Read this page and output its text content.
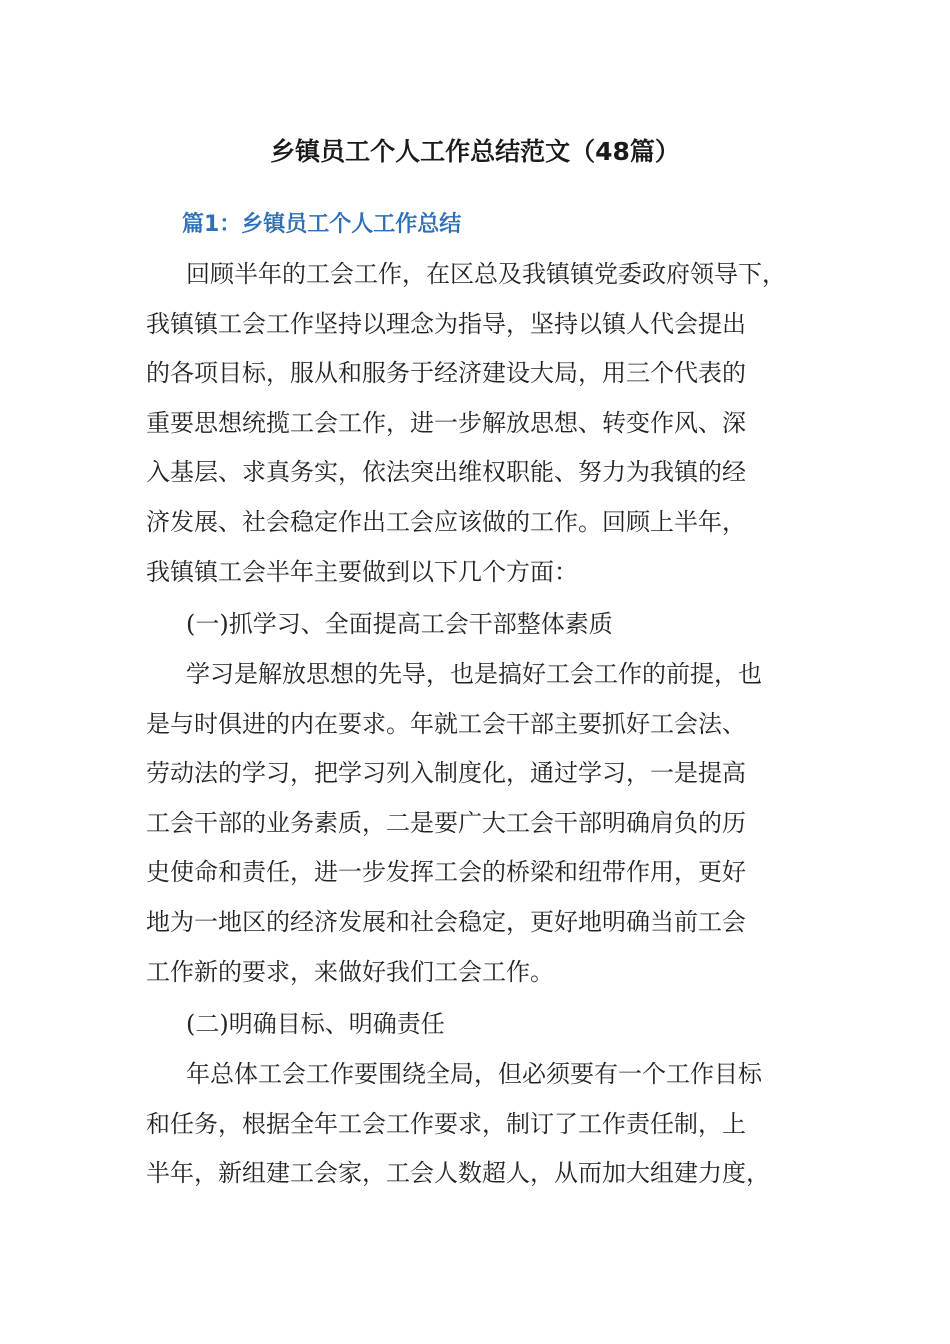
乡镇员工个人工作总结范文（48篇）
篇1：乡镇员工个人工作总结
回顾半年的工会工作，在区总及我镇镇党委政府领导下，
我镇镇工会工作坚持以理念为指导，坚持以镇人代会提出
的各项目标，服从和服务于经济建设大局，用三个代表的
重要思想统揽工会工作，进一步解放思想、转变作风、深
入基层、求真务实，依法突出维权职能、努力为我镇的经
济发展、社会稳定作出工会应该做的工作。回顾上半年，
我镇镇工会半年主要做到以下几个方面：
(一)抓学习、全面提高工会干部整体素质
学习是解放思想的先导，也是搞好工会工作的前提，也
是与时俱进的内在要求。年就工会干部主要抓好工会法、
劳动法的学习，把学习列入制度化，通过学习，一是提高
工会干部的业务素质，二是要广大工会干部明确肩负的历
史使命和责任，进一步发挥工会的桥梁和纽带作用，更好
地为一地区的经济发展和社会稳定，更好地明确当前工会
工作新的要求，来做好我们工会工作。
(二)明确目标、明确责任
年总体工会工作要围绕全局，但必须要有一个工作目标
和任务，根据全年工会工作要求，制订了工作责任制，上
半年，新组建工会家，工会人数超人，从而加大组建力度，
